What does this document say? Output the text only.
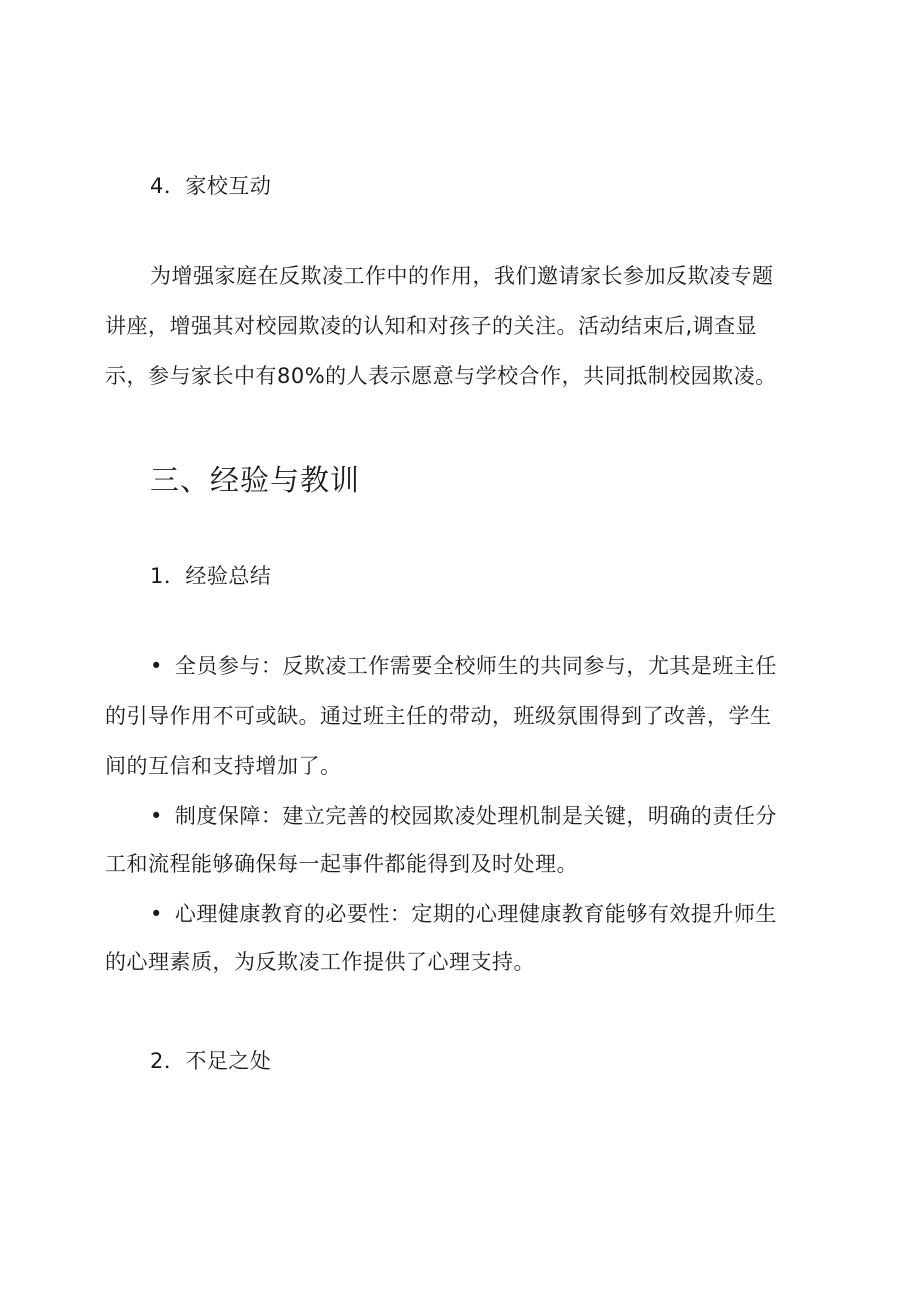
4．家校互动
为增强家庭在反欺凌工作中的作用，我们邀请家长参加反欺凌专题
讲座，增强其对校园欺凌的认知和对孩子的关注。活动结束后,调查显
示，参与家长中有80%的人表示愿意与学校合作，共同抵制校园欺凌。
三、经验与教训
1．经验总结
• 全员参与：反欺凌工作需要全校师生的共同参与，尤其是班主任
的引导作用不可或缺。通过班主任的带动，班级氛围得到了改善，学生
间的互信和支持增加了。
• 制度保障：建立完善的校园欺凌处理机制是关键，明确的责任分
工和流程能够确保每一起事件都能得到及时处理。
• 心理健康教育的必要性：定期的心理健康教育能够有效提升师生
的心理素质，为反欺凌工作提供了心理支持。
2．不足之处
